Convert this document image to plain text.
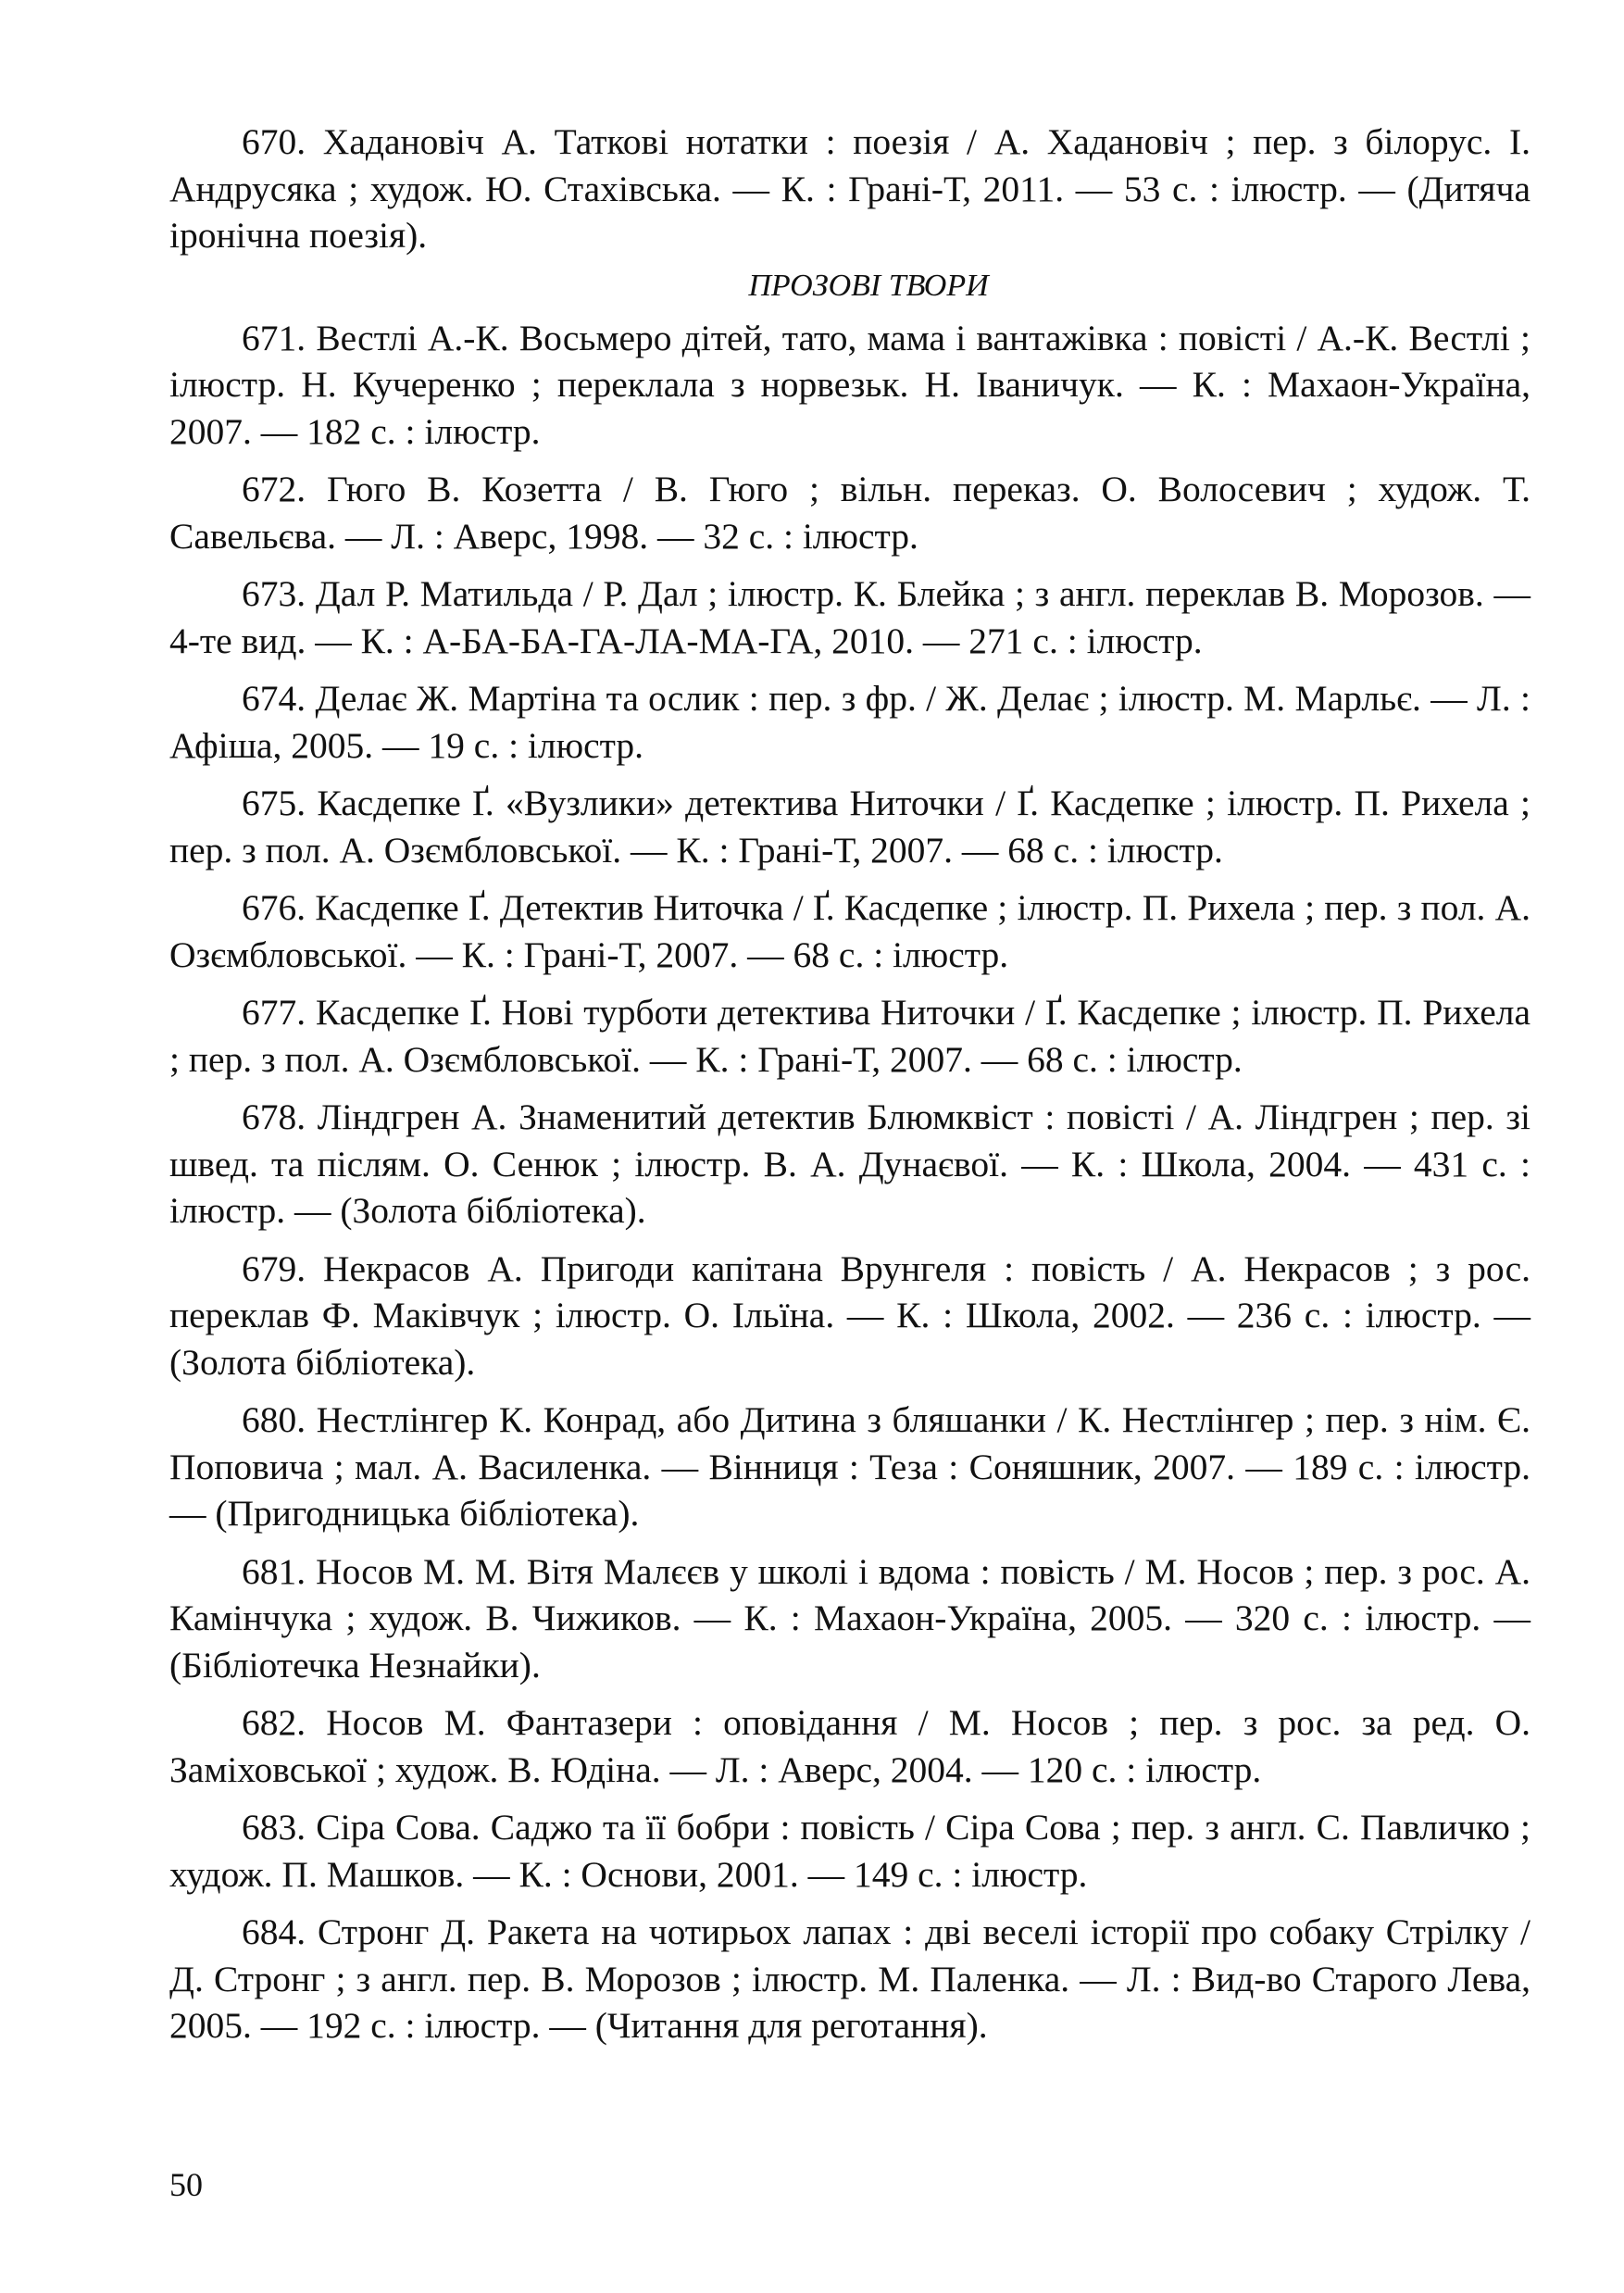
670. Хадановіч А. Таткові нотатки : поезія / А. Хадановіч ; пер. з білорус. І. Андрусяка ; худож. Ю. Стахівська. — К. : Грані-Т, 2011. — 53 с. : ілюстр. — (Дитяча іронічна поезія).

ПРОЗОВІ ТВОРИ

671. Вестлі А.-К. Восьмеро дітей, тато, мама і вантажівка : повісті / А.-К. Вестлі ; ілюстр. Н. Кучеренко ; переклала з норвезьк. Н. Іваничук. — К. : Махаон-Україна, 2007. — 182 с. : ілюстр.

672. Гюго В. Козетта / В. Гюго ; вільн. переказ. О. Волосевич ; худож. Т. Савельєва. — Л. : Аверс, 1998. — 32 с. : ілюстр.

673. Дал Р. Матильда / Р. Дал ; ілюстр. К. Блейка ; з англ. переклав В. Морозов. — 4-те вид. — К. : А-БА-БА-ГА-ЛА-МА-ГА, 2010. — 271 с. : ілюстр.

674. Делає Ж. Мартіна та ослик : пер. з фр. / Ж. Делає ; ілюстр. М. Марльє. — Л. : Афіша, 2005. — 19 с. : ілюстр.

675. Касдепке Ґ. «Вузлики» детектива Ниточки / Ґ. Касдепке ; ілюстр. П. Рихела ; пер. з пол. А. Озємбловської. — К. : Грані-Т, 2007. — 68 с. : ілюстр.

676. Касдепке Ґ. Детектив Ниточка / Ґ. Касдепке ; ілюстр. П. Рихела ; пер. з пол. А. Озємбловської. — К. : Грані-Т, 2007. — 68 с. : ілюстр.

677. Касдепке Ґ. Нові турботи детектива Ниточки / Ґ. Касдепке ; ілюстр. П. Рихела ; пер. з пол. А. Озємбловської. — К. : Грані-Т, 2007. — 68 с. : ілюстр.

678. Ліндгрен А. Знаменитий детектив Блюмквіст : повісті / А. Ліндгрен ; пер. зі швед. та післям. О. Сенюк ; ілюстр. В. А. Дунаєвої. — К. : Школа, 2004. — 431 с. : ілюстр. — (Золота бібліотека).

679. Некрасов А. Пригоди капітана Врунгеля : повість / А. Некрасов ; з рос. переклав Ф. Маківчук ; ілюстр. О. Ільїна. — К. : Школа, 2002. — 236 с. : ілюстр. — (Золота бібліотека).

680. Нестлінгер К. Конрад, або Дитина з бляшанки / К. Нестлінгер ; пер. з нім. Є. Поповича ; мал. А. Василенка. — Вінниця : Теза : Соняшник, 2007. — 189 с. : ілюстр. — (Пригодницька бібліотека).

681. Носов М. М. Вітя Малєєв у школі і вдома : повість / М. Носов ; пер. з рос. А. Камінчука ; худож. В. Чижиков. — К. : Махаон-Україна, 2005. — 320 с. : ілюстр. — (Бібліотечка Незнайки).

682. Носов М. Фантазери : оповідання / М. Носов ; пер. з рос. за ред. О. Заміховської ; худож. В. Юдіна. — Л. : Аверс, 2004. — 120 с. : ілюстр.

683. Сіра Сова. Саджо та її бобри : повість / Сіра Сова ; пер. з англ. С. Павличко ; худож. П. Машков. — К. : Основи, 2001. — 149 с. : ілюстр.

684. Стронг Д. Ракета на чотирьох лапах : дві веселі історії про собаку Стрілку / Д. Стронг ; з англ. пер. В. Морозов ; ілюстр. М. Паленка. — Л. : Вид-во Старого Лева, 2005. — 192 с. : ілюстр. — (Читання для реготання).

50
